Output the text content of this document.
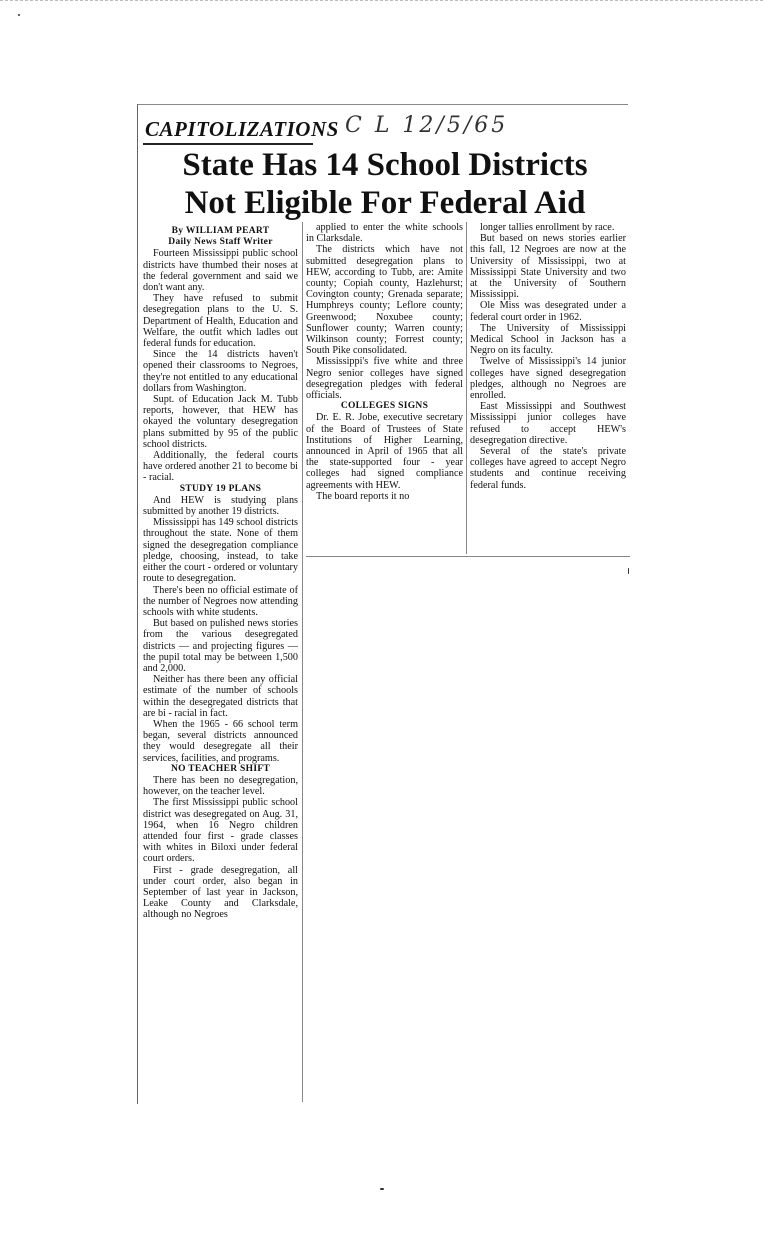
CAPITOLIZATIONS C L 12/5/65
State Has 14 School Districts
Not Eligible For Federal Aid

By WILLIAM PEART

Daily News Staff Writer

Fourteen Mississippi public school districts have thumbed their noses at the federal government and said we don't want any.

They have refused to submit desegregation plans to the U. S. Department of Health, Education and Welfare, the outfit which ladles out federal funds for education.

Since the 14 districts haven't opened their classrooms to Negroes, they're not entitled to any educational dollars from Washington.

Supt. of Education Jack M. Tubb reports, however, that HEW has okayed the voluntary desegregation plans submitted by 95 of the public school districts.

Additionally, the federal courts have ordered another 21 to become bi - racial.

STUDY 19 PLANS

And HEW is studying plans submitted by another 19 districts.

Mississippi has 149 school districts throughout the state. None of them signed the desegregation compliance pledge, choosing, instead, to take either the court - ordered or voluntary route to desegregation.

There's been no official estimate of the number of Negroes now attending schools with white students.

But based on pulished news stories from the various desegregated districts — and projecting figures — the pupil total may be between 1,500 and 2,000.

Neither has there been any official estimate of the number of schools within the desegregated districts that are bi - racial in fact.

When the 1965 - 66 school term began, several districts announced they would desegregate all their services, facilities, and programs.

NO TEACHER SHIFT

There has been no desegregation, however, on the teacher level.

The first Mississippi public school district was desegregated on Aug. 31, 1964, when 16 Negro children attended four first - grade classes with whites in Biloxi under federal court orders.

First - grade desegregation, all under court order, also began in September of last year in Jackson, Leake County and Clarksdale, although no Negroes

applied to enter the white schools in Clarksdale.

The districts which have not submitted desegregation plans to HEW, according to Tubb, are: Amite county; Copiah county, Hazlehurst; Covington county; Grenada separate; Humphreys county; Leflore county; Greenwood; Noxubee county; Sunflower county; Warren county; Wilkinson county; Forrest county; South Pike consolidated.

Mississippi's five white and three Negro senior colleges have signed desegregation pledges with federal officials.

COLLEGES SIGNS

Dr. E. R. Jobe, executive secretary of the Board of Trustees of State Institutions of Higher Learning, announced in April of 1965 that all the state-supported four - year colleges had signed compliance agreements with HEW.

The board reports it no

longer tallies enrollment by race.

But based on news stories earlier this fall, 12 Negroes are now at the University of Mississippi, two at Mississippi State University and two at the University of Southern Mississippi.

Ole Miss was desegrated under a federal court order in 1962.

The University of Mississippi Medical School in Jackson has a Negro on its faculty.

Twelve of Mississippi's 14 junior colleges have signed desegregation pledges, although no Negroes are enrolled.

East Mississippi and Southwest Mississippi junior colleges have refused to accept HEW's desegregation directive.

Several of the state's private colleges have agreed to accept Negro students and continue receiving federal funds.
